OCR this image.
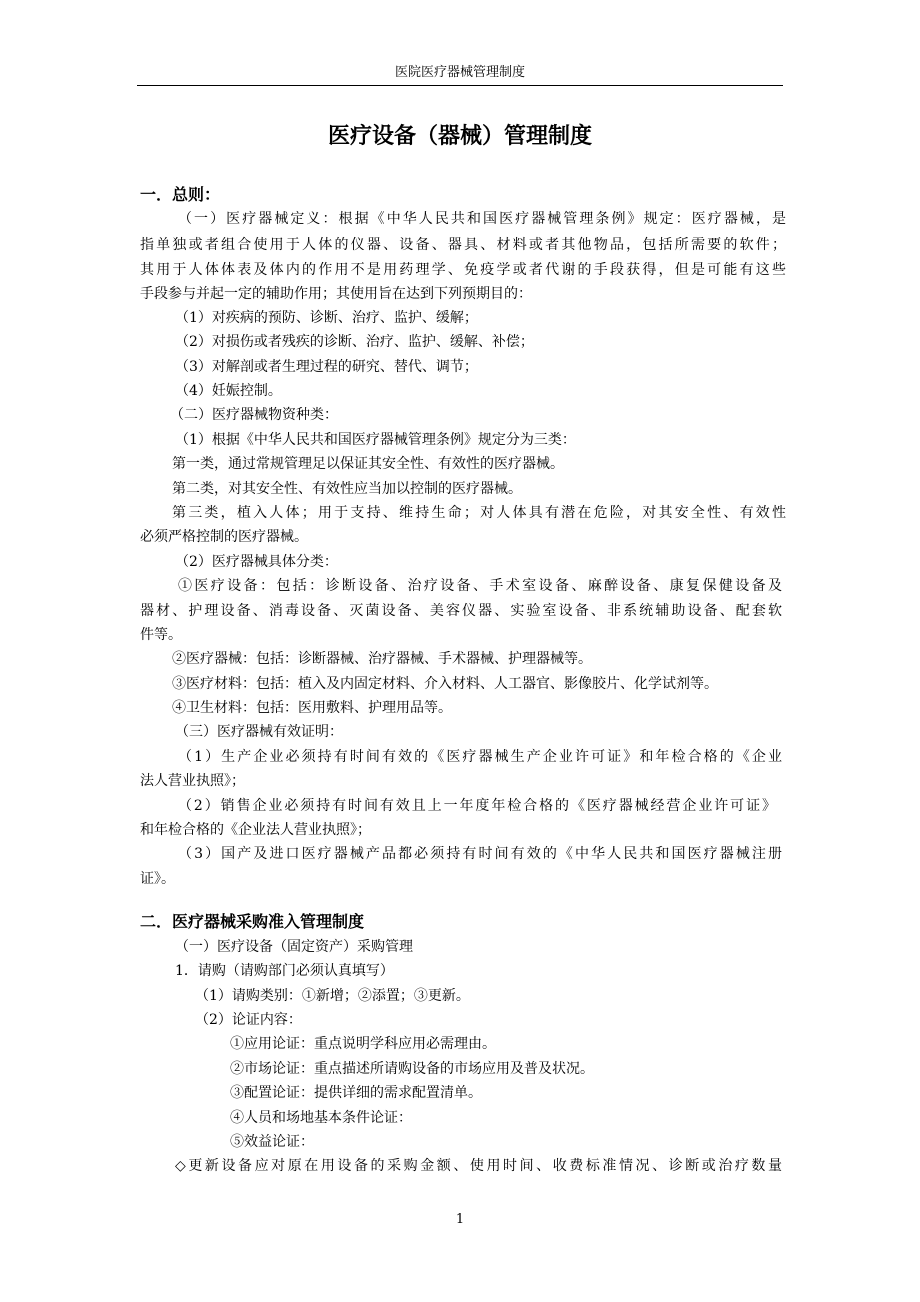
医院医疗器械管理制度
医疗设备（器械）管理制度
一．总则：
（一）医疗器械定义：根据《中华人民共和国医疗器械管理条例》规定：医疗器械，是
指单独或者组合使用于人体的仪器、设备、器具、材料或者其他物品，包括所需要的软件；
其用于人体体表及体内的作用不是用药理学、免疫学或者代谢的手段获得，但是可能有这些
手段参与并起一定的辅助作用；其使用旨在达到下列预期目的：
（1）对疾病的预防、诊断、治疗、监护、缓解；
（2）对损伤或者残疾的诊断、治疗、监护、缓解、补偿；
（3）对解剖或者生理过程的研究、替代、调节；
（4）妊娠控制。
（二）医疗器械物资种类：
（1）根据《中华人民共和国医疗器械管理条例》规定分为三类：
第一类，通过常规管理足以保证其安全性、有效性的医疗器械。
第二类，对其安全性、有效性应当加以控制的医疗器械。
第三类，植入人体；用于支持、维持生命；对人体具有潜在危险，对其安全性、有效性
必须严格控制的医疗器械。
（2）医疗器械具体分类：
①医疗设备：包括：诊断设备、治疗设备、手术室设备、麻醉设备、康复保健设备及
器材、护理设备、消毒设备、灭菌设备、美容仪器、实验室设备、非系统辅助设备、配套软
件等。
②医疗器械：包括：诊断器械、治疗器械、手术器械、护理器械等。
③医疗材料：包括：植入及内固定材料、介入材料、人工器官、影像胶片、化学试剂等。
④卫生材料：包括：医用敷料、护理用品等。
（三）医疗器械有效证明：
（1）生产企业必须持有时间有效的《医疗器械生产企业许可证》和年检合格的《企业
法人营业执照》；
（2）销售企业必须持有时间有效且上一年度年检合格的《医疗器械经营企业许可证》
和年检合格的《企业法人营业执照》；
（3）国产及进口医疗器械产品都必须持有时间有效的《中华人民共和国医疗器械注册
证》。
二．医疗器械采购准入管理制度
（一）医疗设备（固定资产）采购管理
1．请购（请购部门必须认真填写）
（1）请购类别：①新增；②添置；③更新。
（2）论证内容：
①应用论证：重点说明学科应用必需理由。
②市场论证：重点描述所请购设备的市场应用及普及状况。
③配置论证：提供详细的需求配置清单。
④人员和场地基本条件论证：
⑤效益论证：
◇更新设备应对原在用设备的采购金额、使用时间、收费标准情况、诊断或治疗数量
1
